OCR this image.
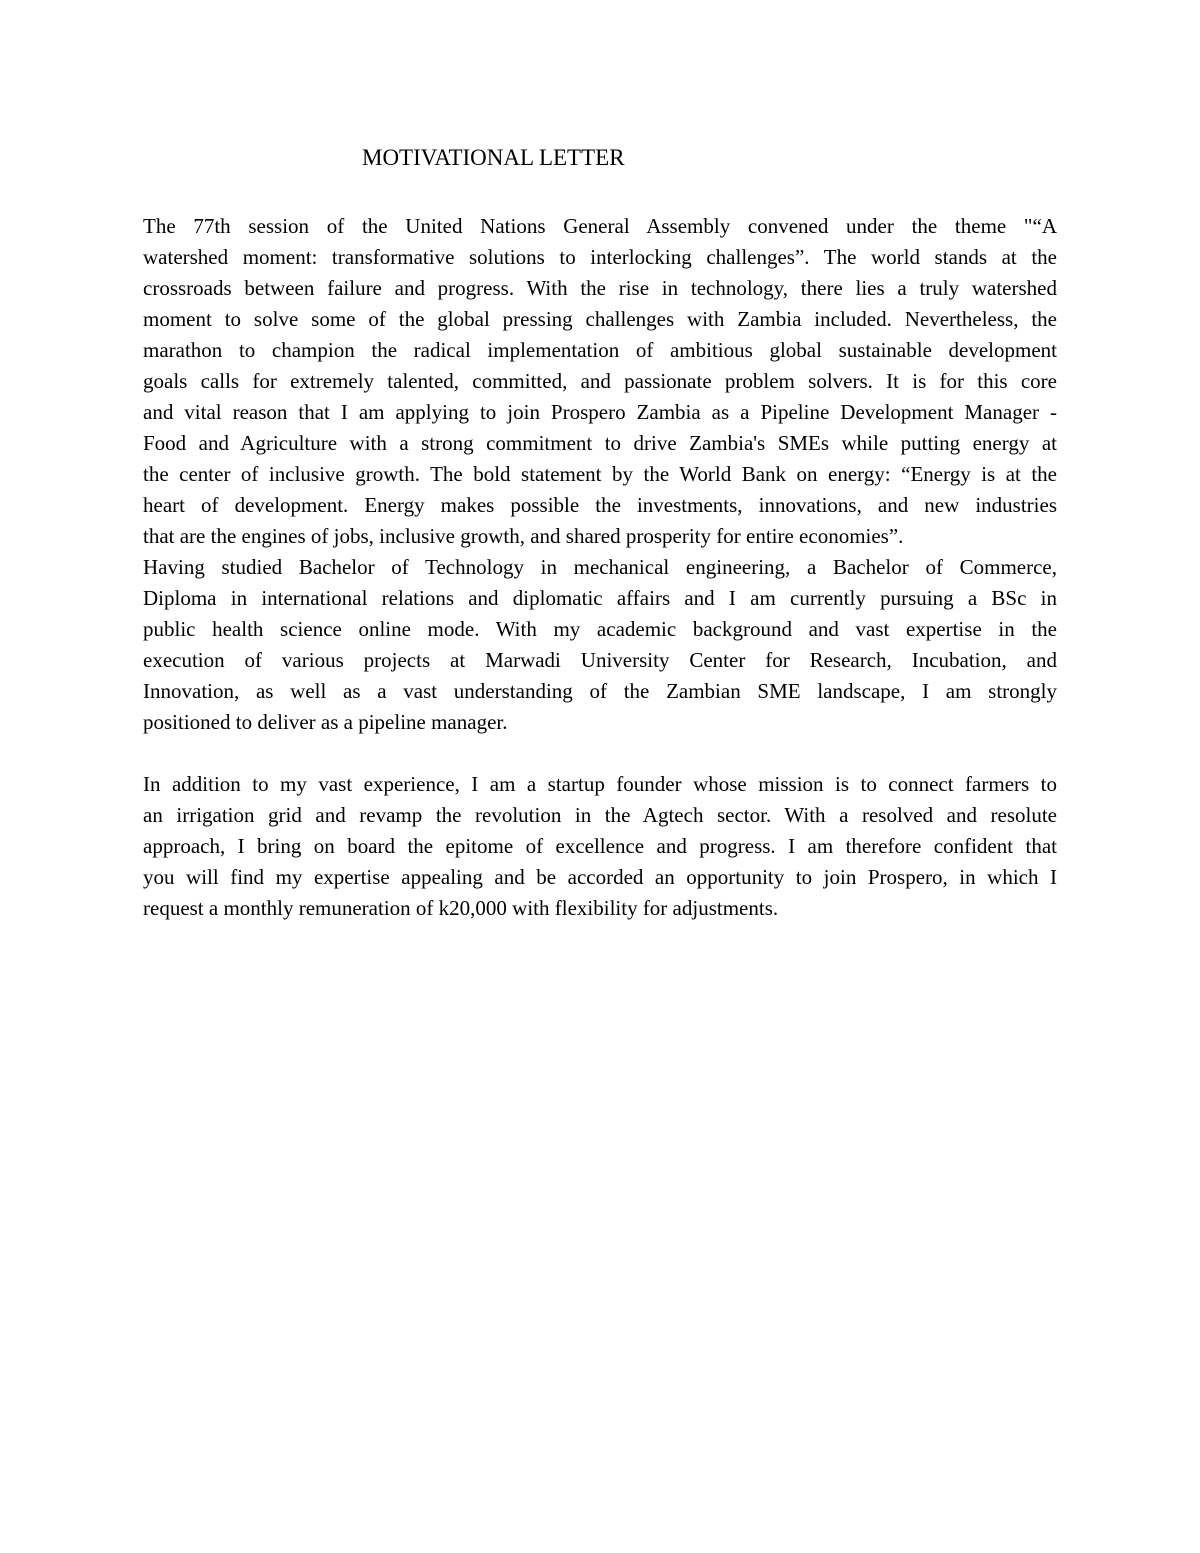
MOTIVATIONAL LETTER

The 77th session of the United Nations General Assembly convened under the theme "“A
watershed moment: transformative solutions to interlocking challenges”. The world stands at the
crossroads between failure and progress. With the rise in technology, there lies a truly watershed
moment to solve some of the global pressing challenges with Zambia included. Nevertheless, the
marathon to champion the radical implementation of ambitious global sustainable development
goals calls for extremely talented, committed, and passionate problem solvers. It is for this core
and vital reason that I am applying to join Prospero Zambia as a Pipeline Development Manager -
Food and Agriculture with a strong commitment to drive Zambia's SMEs while putting energy at
the center of inclusive growth. The bold statement by the World Bank on energy: “Energy is at the
heart of development. Energy makes possible the investments, innovations, and new industries
that are the engines of jobs, inclusive growth, and shared prosperity for entire economies”.

Having studied Bachelor of Technology in mechanical engineering, a Bachelor of Commerce,
Diploma in international relations and diplomatic affairs and I am currently pursuing a BSc in
public health science online mode. With my academic background and vast expertise in the
execution of various projects at Marwadi University Center for Research, Incubation, and
Innovation, as well as a vast understanding of the Zambian SME landscape, I am strongly
positioned to deliver as a pipeline manager.

In addition to my vast experience, I am a startup founder whose mission is to connect farmers to
an irrigation grid and revamp the revolution in the Agtech sector. With a resolved and resolute
approach, I bring on board the epitome of excellence and progress. I am therefore confident that
you will find my expertise appealing and be accorded an opportunity to join Prospero, in which I
request a monthly remuneration of k20,000 with flexibility for adjustments.
